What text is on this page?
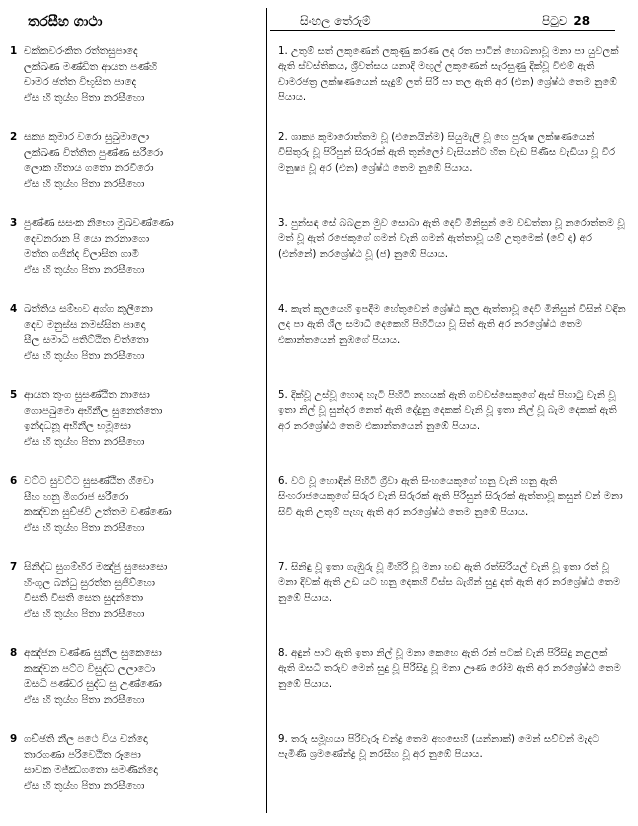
තරසීහ ගාථා	සිංහල තේරුම්	පිටුව 28
1 චක්කවරංකිත රත්තසුපාදෙ
ලක්ඛණ මණ්ඩිත ආයත පණ්හි
චාමර ඡත්ත විභූසිත පාදෙ
ඒස හි තුය්හ පිතා නරසීහො
2 සක්‍ය කුමාර වරො සුඛුමාලො
ලක්ඛණ විත්තිත පුණ්ණ සරීරො
ලොක හිතාය ගතො නරවීරො
ඒස හි තුය්හ පිතා නරසීහො
3 පුණ්ණ සසංක නිභො මුඛවණ්ණො
දෙවනරාන පි යො නරනාගො
මත්ත ගජින්ද විලාසිත ගාමී
ඒස හි තුය්හ පිතා නරසීහො
4 ඛත්තිය සම්භව අග්ග කුලීනො
දෙව මනුස්ස නමස්සිත පාදො
සීල සමාධි පතිට්ඨිත චිත්තො
ඒස හි තුය්හ පිතා නරසීහො
5 ආයත තුංග සුසණ්ඨිත නාසො
ගොපඛුමො අභිනීල සුනෙත්තො
ඉන්දධනූ අභිනීල භමූසො
ඒස හි තුය්හ පිතා නරසීහො
6 වට්ට සුවට්ට සුසණ්ඨිත ගීවො
සීහ හනු මිගරාජ සරීරො
කඤ්චන සුච්ඡවි උත්තම වණ්ණො
ඒස හි තුය්හ පිතා නරසීහො
7 සිනිද්ධ සුගම්භිර මඤ්ජු සුඝොසො
හිංගුල බන්ධු සුරත්ත සුජිව්හො
වීසති වීසති සෙත සුදන්තො
ඒස හි තුය්හ පිතා නරසීහො
8 අඤ්ජන වණ්ණ සුනීල සුකෙසො
කඤ්චන පට්ට විසුද්ධ ලලාටො
ඔසධි පණ්ඩර සුද්ධ සු උණ්ණො
ඒස හි තුය්හ පිතා නරසීහො
9 ගච්ඡති නීල පථෙ විය චන්දො
තාරගණා පරිවෙඨිත රූපො
සාවක මජ්ඣගතො සමණින්දො
ඒස හි තුය්හ පිතා නරසීහො
1. උතුම් සත් ලකුණෙන් ලකුණු කරණ ලද රත පාටින් හොබනාවූ මනා පා යුවලක් ඇති ස්වස්තිකය, ශ්‍රීවත්සය යනාදි මඟුල් ලකුණෙන් සැරසුණු දික්වූ විළුම් ඇති චාමරඡත්‍ර ලක්ෂණයෙන් සැදුම් ලත් සිරි පා තල ඇති අර (එන) ශ්‍රේෂ්ඨ තෙම නුඹේ පියාය.
2. ශාක්‍ය කුමාරොත්තම වූ (එනෙයින්ම) සියුමැලි වූ හෙ පුරුෂ ලක්ෂණයෙන් විසිතුරු වූ පිරිපුන් සිරුරක් ඇති තුන්ලෝ වැසියන්ට හිත වැඩ පිණිස වැඩියා වූ වීර මනුෂ්‍ය වූ අර (එන) ශ්‍රේෂ්ඨ තෙම නුඹේ පියාය.
3. පුන්සඳ සේ බබළන මුව සොබා ඇති දෙවි මිනිසුන් මෙ වඩත්තා වූ නරොත්තම වූ මත් වූ ඇත් රජෙකුගේ ගමන් වැනි ගමන් ඇත්තාවූ යම් උතුමෙක් (වේ ද) අර (එන්නේ) නරශ්‍රේෂ්ඨ වූ (ජ) නුඹේ පියාය.
4. කැත් කුලයෙහි ඉපදීම හේතුවෙන් ශ්‍රේෂ්ඨ කුල ඇත්තාවූ දෙවි මිනිසුන් විසින් වඳින ලද පා ඇති ශීල සමාධී දෙකෙහි පිහිටියා වූ සිත් ඇති අර නරශ්‍රේෂ්ඨ තෙම එකාන්තයෙන් නුඹගේ පියාය.
5. දික්වූ උස්වූ හොඳ හැටි පිහිටි නහයක් ඇති ගවවස්සෙකුගේ ඇස් පිහාටු වැනි වූ ඉතා නිල් වූ සුන්දර නෙත් ඇති දේදුනු දෙකක් වැනි වූ ඉතා නිල් වූ බැම දෙකක් ඇති අර නරශ්‍රේෂ්ඨ තෙම එකාන්තයෙන් නුඹේ පියාය.
6. වට වූ හොඳින් පිහිටි ග්‍රීවා ඇති සිංහයෙකුගේ හනු වැනි හනු ඇති සිංහරාජයෙකුගේ සිරුර වැනි සිරුරක් ඇති පිරිසුන් සිරුරක් ඇත්තාවූ කසුන් වන් මනා සිවි ඇති උතුම් පැහැ ඇති අර නරශ්‍රේෂ්ඨ තෙම නුඹේ පියාය.
7. සිනිඳු වූ ඉතා ගැඹුරු වූ මිහිරි වූ මනා හඬ ඇති රත්සිරියල් වැනි වූ ඉතා රත් වූ මනා දිවක් ඇති උඩ යට හනු දෙකහි විස්ස බැගින් සුදු දත් ඇති අර නරශ්‍රේෂ්ඨ තෙම නුඹේ පියාය.
8. අඳුන් පාට ඇති ඉතා නිල් වූ මනා කෙහෙ ඇති රන් පටක් වැනි පිරිසිදු නළලක් ඇති ඔසධී තරුව මෙන් සුදු වූ පිරිසිදු වූ මනා ඌණ රෝම ඇති අර නරශ්‍රේෂ්ඨ තෙම නුඹේ පියාය.
9. තරු සමූහයා පිරිවැරූ චන්ද්‍ර තෙම අහසෙහි (යන්නාක්) මෙන් සව්වන් මැදට පැමිණි ශ්‍රමණේන්ද්‍ර වූ නරසීහ වූ අර නුඹේ පියාය.
